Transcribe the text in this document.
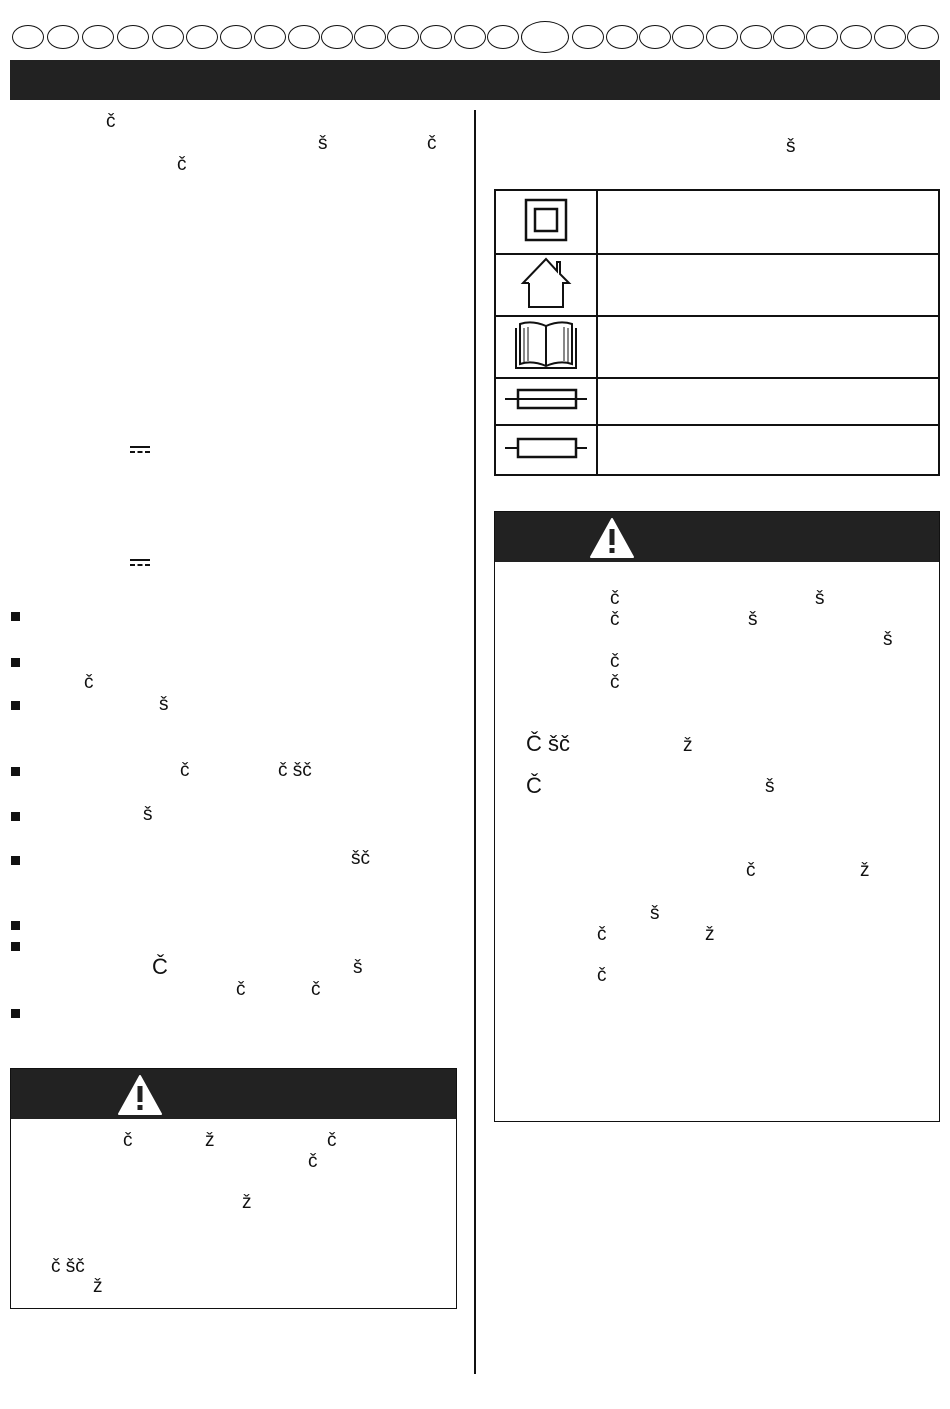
č
š	č
č
č
š
č	č šč
š
šč
Č	š
č	č
č	ž	č
č
ž
č šč
ž
š

č	š
č	š
š
č
č
Č šč	ž
Č	š
č	ž
š
č	ž
č
